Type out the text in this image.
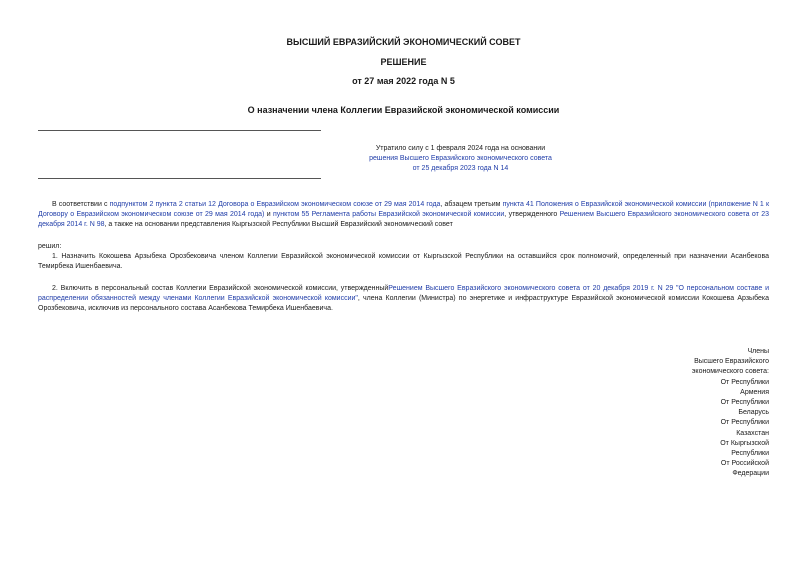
ВЫСШИЙ ЕВРАЗИЙСКИЙ ЭКОНОМИЧЕСКИЙ СОВЕТ
РЕШЕНИЕ
от 27 мая 2022 года N 5
О назначении члена Коллегии Евразийской экономической комиссии
Утратило силу с 1 февраля 2024 года на основании
решения Высшего Евразийского экономического совета
от 25 декабря 2023 года N 14
В соответствии с подпунктом 2 пункта 2 статьи 12 Договора о Евразийском экономическом союзе от 29 мая 2014 года, абзацем третьим пункта 41 Положения о Евразийской экономической комиссии (приложение N 1 к Договору о Евразийском экономическом союзе от 29 мая 2014 года) и пунктом 55 Регламента работы Евразийской экономической комиссии, утвержденного Решением Высшего Евразийского экономического совета от 23 декабря 2014 г. N 98, а также на основании представления Кыргызской Республики Высший Евразийский экономический совет
решил:
1. Назначить Кокошева Арзыбека Орозбековича членом Коллегии Евразийской экономической комиссии от Кыргызской Республики на оставшийся срок полномочий, определенный при назначении Асанбекова Темирбека Ишенбаевича.
2. Включить в персональный состав Коллегии Евразийской экономической комиссии, утвержденныйРешением Высшего Евразийского экономического совета от 20 декабря 2019 г. N 29 "О персональном составе и распределении обязанностей между членами Коллегии Евразийской экономической комиссии", члена Коллегии (Министра) по энергетике и инфраструктуре Евразийской экономической комиссии Кокошева Арзыбека Орозбековича, исключив из персонального состава Асанбекова Темирбека Ишенбаевича.
Члены
Высшего Евразийского
экономического совета:
От Республики
Армения
От Республики
Беларусь
От Республики
Казахстан
От Кыргызской
Республики
От Российской
Федерации
